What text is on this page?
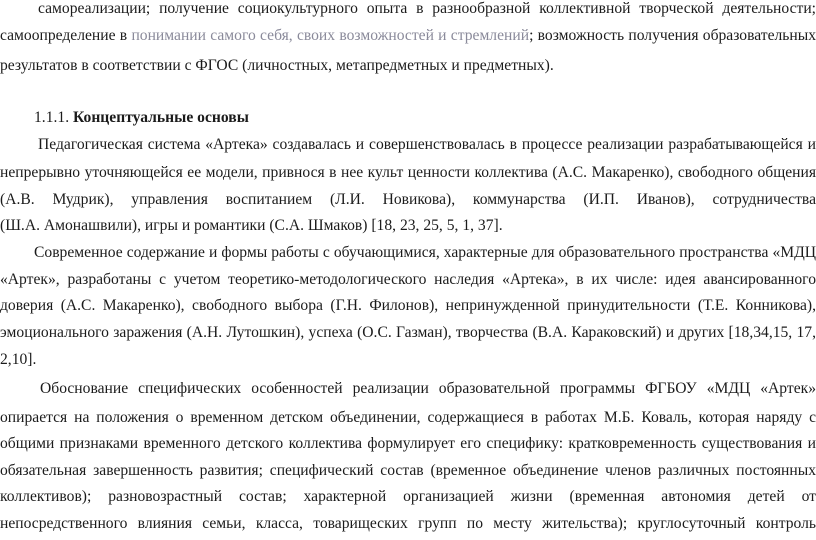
самореализации; получение социокультурного опыта в разнообразной коллективной творческой деятельности;
самоопределение в понимании самого себя, своих возможностей и стремлений; возможность получения образовательных
результатов в соответствии с ФГОС (личностных, метапредметных и предметных).
1.1.1. Концептуальные основы
Педагогическая система «Артека» создавалась и совершенствовалась в процессе реализации разрабатывающейся и
непрерывно уточняющейся ее модели, привнося в нее культ ценности коллектива (А.С. Макаренко), свободного общения
(А.В. Мудрик), управления воспитанием (Л.И. Новикова), коммунарства (И.П. Иванов), сотрудничества
(Ш.А. Амонашвили), игры и романтики (С.А. Шмаков) [18, 23, 25, 5, 1, 37].
Современное содержание и формы работы с обучающимися, характерные для образовательного пространства «МДЦ
«Артек», разработаны с учетом теоретико-методологического наследия «Артека», в их числе: идея авансированного
доверия (А.С. Макаренко), свободного выбора (Г.Н. Филонов), непринужденной принудительности (Т.Е. Конникова),
эмоционального заражения (А.Н. Лутошкин), успеха (О.С. Газман), творчества (В.А. Караковский) и других [18,34,15, 17,
2,10].
Обоснование специфических особенностей реализации образовательной программы ФГБОУ «МДЦ «Артек»
опирается на положения о временном детском объединении, содержащиеся в работах М.Б. Коваль, которая наряду с
общими признаками временного детского коллектива формулирует его специфику: кратковременность существования и
обязательная завершенность развития; специфический состав (временное объединение членов различных постоянных
коллективов); разновозрастный состав; характерной организацией жизни (временная автономия детей от
непосредственного влияния семьи, класса, товарищеских групп по месту жительства); круглосуточный контроль
